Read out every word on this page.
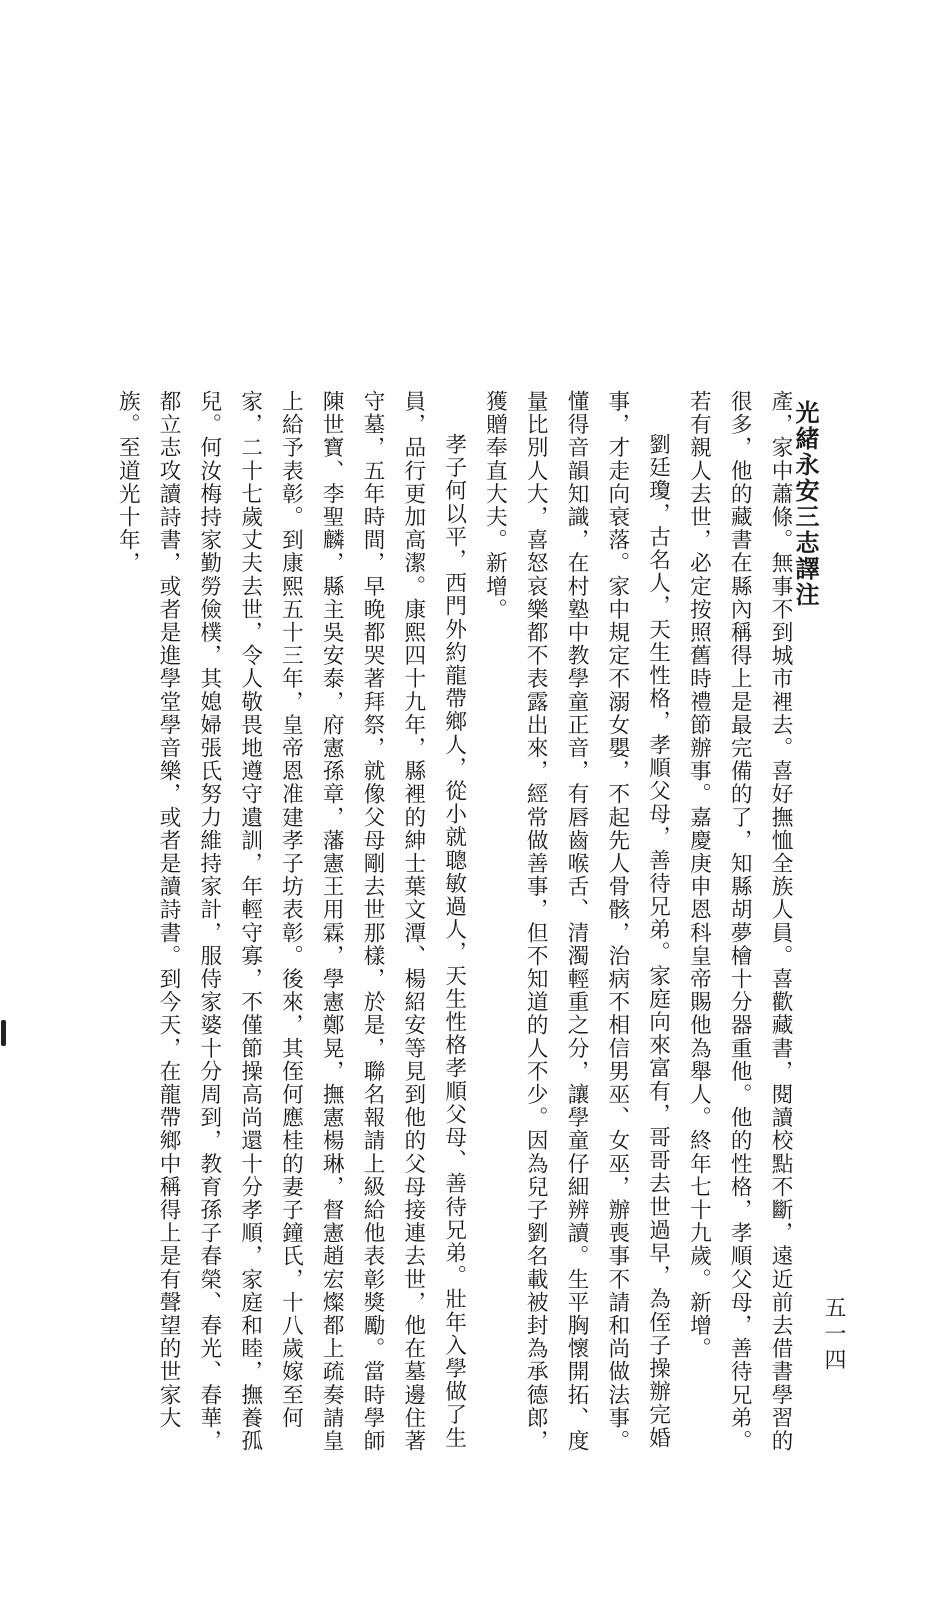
光緒永安三志譯注
五一四

產，家中蕭條。無事不到城市裡去。喜好撫恤全族人員。喜歡藏書，閱讀校點不斷，遠近前去借書學習的很多，他的藏書在縣內稱得上是最完備的了，知縣胡夢檜十分器重他。他的性格，孝順父母，善待兄弟。若有親人去世，必定按照舊時禮節辦事。嘉慶庚申恩科皇帝賜他為舉人。終年七十九歲。新增。

劉廷瓊，古名人，天生性格，孝順父母，善待兄弟。家庭向來富有，哥哥去世過早，為侄子操辦完婚事，才走向衰落。家中規定不溺女嬰，不起先人骨骸，治病不相信男巫、女巫，辦喪事不請和尚做法事。懂得音韻知識，在村塾中教學童正音，有唇齒喉舌、清濁輕重之分，讓學童仔細辨讀。生平胸懷開拓、度量比別人大，喜怒哀樂都不表露出來，經常做善事，但不知道的人不少。因為兒子劉名載被封為承德郎，獲贈奉直大夫。新增。

孝子何以平，西門外約龍帶鄉人，從小就聰敏過人，天生性格孝順父母、善待兄弟。壯年入學做了生員，品行更加高潔。康熙四十九年，縣裡的紳士葉文潭、楊紹安等見到他的父母接連去世，他在墓邊住著守墓，五年時間，早晚都哭著拜祭，就像父母剛去世那樣，於是，聯名報請上級給他表彰獎勵。當時學師陳世寶、李聖麟，縣主吳安泰，府憲孫章，藩憲王用霖，學憲鄭晃，撫憲楊琳，督憲趙宏燦都上疏奏請皇上給予表彰。到康熙五十三年，皇帝恩准建孝子坊表彰。後來，其侄何應桂的妻子鐘氏，十八歲嫁至何家，二十七歲丈夫去世，令人敬畏地遵守遺訓，年輕守寡，不僅節操高尚還十分孝順，家庭和睦，撫養孤兒。何汝梅持家勤勞儉樸，其媳婦張氏努力維持家計，服侍家婆十分周到，教育孫子春榮、春光、春華，都立志攻讀詩書，或者是進學堂學音樂，或者是讀詩書。到今天，在龍帶鄉中稱得上是有聲望的世家大族。至道光十年，
